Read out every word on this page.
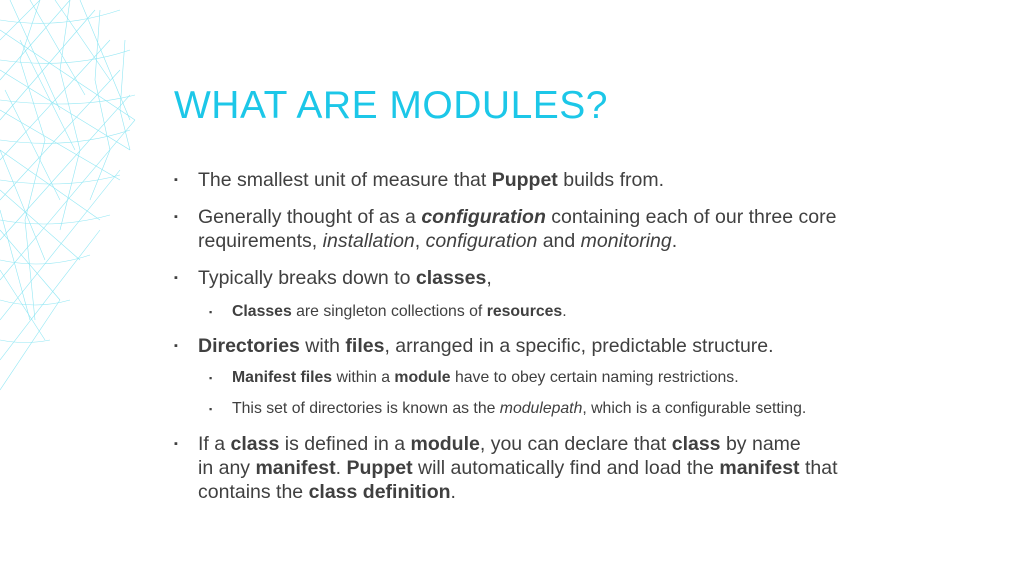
WHAT ARE MODULES?
▪ The smallest unit of measure that Puppet builds from.
▪ Generally thought of as a configuration containing each of our three core
requirements, installation, configuration and monitoring.
▪ Typically breaks down to classes,
▪ Classes are singleton collections of resources.
▪ Directories with files, arranged in a specific, predictable structure.
▪ Manifest files within a module have to obey certain naming restrictions.
▪ This set of directories is known as the modulepath, which is a configurable setting.
▪ If a class is defined in a module, you can declare that class by name
in any manifest. Puppet will automatically find and load the manifest that
contains the class definition.
